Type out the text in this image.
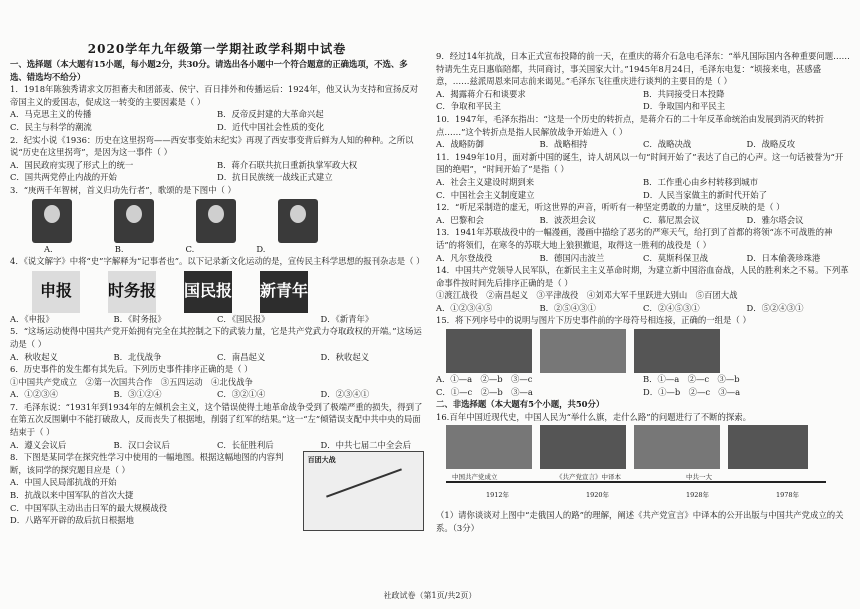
2020学年九年级第一学期社政学科期中试卷

一、选择题（本大题有15小题，每小题2分，共30分。请选出各小题中一个符合题意的正确选项，不选、多选、错选均不给分）

1．1918年陈独秀请求文厉担畜夫和团部麦、侯宁、百日排外和传播运后：1924年，他又认为支持和宣扬反对帝国主义的爱国志，促成这一转变的主要因素是（ ）

A．马克思主义的传播	B．反帝反封建的大革命兴起
C．民主与科学的潮流	D．近代中国社会性质的变化

2．纪实小说《1936：历史在这里拐弯——西安事变始末纪实》再现了西安事变背后鲜为人知的种种。之所以说“历史在这里拐弯”，是因为这一事件（ ）

A．国民政府实现了形式上的统一	B．蒋介石联共抗日重新执掌军政大权
C．国共两党停止内战的开始	D．抗日民族统一战线正式建立

3．“庚两千年智树，首义归功先行者”，歌颂的是下图中（ ）

A.	B.	C.	D.

4．《说文解字》中将“史”字解释为“记事者也”。以下记录新文化运动的是，宣传民主科学思想的报刊杂志是（ ）

申报	时务报 国民报 新青年
A．《申报》	B．《时务报》	C．《国民报》	D．《新青年》

5．“这场运动使得中国共产党开始拥有完全在其控制之下的武装力量，它是共产党武力夺取政权的开端。”这场运动是（ ）

A．秋收起义	B．北伐战争	C．南昌起义	D．秋收起义

6．历史事件的发生都有其先后。下列历史事件排序正确的是（ ）

①中国共产党成立　②第一次国共合作　③五四运动　④北伐战争

A．①②③④	B．③①②④	C．③②①④	D．②③④①

7．毛泽东说：“1931年到1934年的左倾机会主义，这个错误使得土地革命战争受到了极端严重的损失，得到了在第五次反围剿中不能打破敌人，反而丧失了根据地，削弱了红军的结果。”这一“左”倾错误支配中共中央的局面结束于（ ）

A．遵义会议后	B．汉口会议后	C．长征胜利后	D．中共七届二中全会后

8．下图是某同学在探究性学习中使用的一幅地图。根据这幅地图的内容判断，该同学的探究题目应是（ ）

A．中国人民局部抗战的开始

B．抗战以来中国军队的首次大捷

C．中国军队主动出击日军的最大规模战役

D．八路军开辟的敌后抗日根据地

百团大战

9．经过14年抗战，日本正式宣布投降的前一天，在重庆的蒋介石急电毛泽东：“举凡国际国内各种重要问题……特请先生克日惠临陪都，共同商讨，事关国家大计。”1945年8月24日，毛泽东电复：“顷接来电，甚感盛意，……兹派周恩来同志前来谒见。”毛泽东飞往重庆进行谈判的主要目的是（ ）

A．揭露蒋介石和谈要求	B．共同接受日本投降
C．争取和平民主	D．争取国内和平民主

10．1947年，毛泽东指出：“这是一个历史的转折点，是蒋介石的二十年反革命统治由发展到消灭的转折点……”这个转折点是指人民解放战争开始进入（ ）

A．战略防御	B．战略相持	C．战略决战	D．战略反攻

11．1949年10月，面对新中国的诞生，诗人胡风以一句“时间开始了”表达了自己的心声。这一句话被誉为“开国的绝唱”，“时间开始了”是指（ ）

A．社会主义建设时期到来	B．工作重心由乡村转移到城市
C．中国社会主义制度建立	D．人民当家做主的新时代开始了

12．“听尼采制造的虚无，听这世界的声音，听听有一种坚定勇敢的力量”，这里反映的是（ ）

A．巴黎和会	B．波茨坦会议	C．慕尼黑会议	D．雅尔塔会议

13．1941年苏联战役中的一幅漫画，漫画中描绘了恶劣的严寒天气，给打到了首都的将领“冻不可战胜的神话”的将领们，在寒冬的苏联大地上狼狈撤退，取得这一胜利的战役是（ ）

A．凡尔登战役	B．德国闪击波兰	C．莫斯科保卫战	D．日本偷袭珍珠港

14．中国共产党领导人民军队，在新民主主义革命时期，为建立新中国浴血奋战，人民的胜利来之不易。下列革命事件按时间先后排序正确的是（ ）

①渡江战役　②南昌起义　③平津战役　④刘邓大军千里跃进大别山　⑤百团大战

A．①②③④⑤	B．②⑤④③①	C．②④⑤③①	D．⑤②④③①

15．将下列序号中的说明与图片下历史事件前的字母符号相连接，正确的一组是（ ）

A．①—a　②—b　③—c	B．①—a　②—c　③—b
C．①—c　②—b　③—a	D．①—b　②—c　③—a

二、非选择题（本大题有5个小题，共50分）

16.百年中国近现代史，中国人民为“举什么旗，走什么路”的问题进行了不断的探索。

中国共产党成立	《共产党宣言》中译本	中共一大
1912年	1920年	1928年	1978年

（1）请你谈谈对上图中“走俄国人的路”的理解，阐述《共产党宣言》中译本的公开出版与中国共产党成立的关系。（3分）

社政试卷（第1页/共2页）
